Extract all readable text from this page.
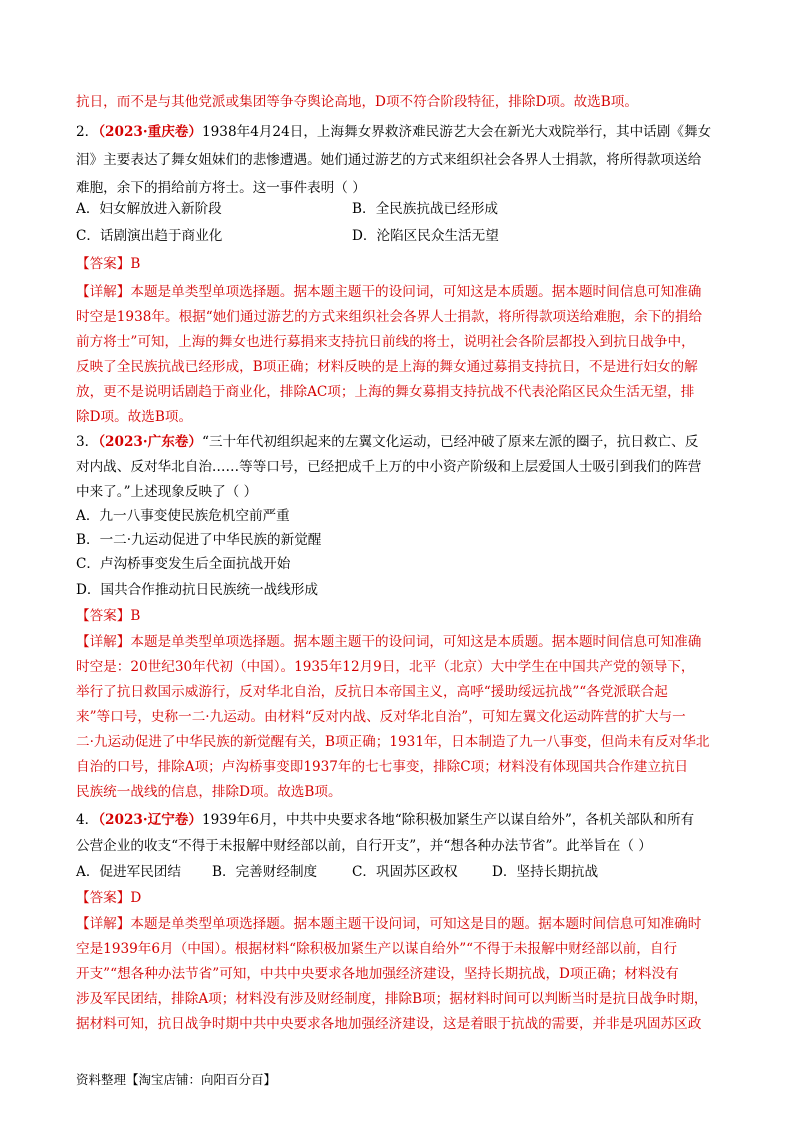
抗日，而不是与其他党派或集团等争夺舆论高地，D项不符合阶段特征，排除D项。故选B项。
2．（2023·重庆卷）1938年4月24日，上海舞女界救济难民游艺大会在新光大戏院举行，其中话剧《舞女
泪》主要表达了舞女姐妹们的悲惨遭遇。她们通过游艺的方式来组织社会各界人士捐款，将所得款项送给
难胞，余下的捐给前方将士。这一事件表明（ ）
A．妇女解放进入新阶段	B．全民族抗战已经形成
C．话剧演出趋于商业化	D．沦陷区民众生活无望
【答案】B
【详解】本题是单类型单项选择题。据本题主题干的设问词，可知这是本质题。据本题时间信息可知准确
时空是1938年。根据“她们通过游艺的方式来组织社会各界人士捐款，将所得款项送给难胞，余下的捐给
前方将士”可知，上海的舞女也进行募捐来支持抗日前线的将士，说明社会各阶层都投入到抗日战争中，
反映了全民族抗战已经形成，B项正确；材料反映的是上海的舞女通过募捐支持抗日，不是进行妇女的解
放，更不是说明话剧趋于商业化，排除AC项；上海的舞女募捐支持抗战不代表沦陷区民众生活无望，排
除D项。故选B项。
3．（2023·广东卷）“三十年代初组织起来的左翼文化运动，已经冲破了原来左派的圈子，抗日救亡、反
对内战、反对华北自治……等等口号，已经把成千上万的中小资产阶级和上层爱国人士吸引到我们的阵营
中来了。”上述现象反映了（ ）
A．九一八事变使民族危机空前严重
B．一二·九运动促进了中华民族的新觉醒
C．卢沟桥事变发生后全面抗战开始
D．国共合作推动抗日民族统一战线形成
【答案】B
【详解】本题是单类型单项选择题。据本题主题干的设问词，可知这是本质题。据本题时间信息可知准确
时空是：20世纪30年代初（中国）。1935年12月9日，北平（北京）大中学生在中国共产党的领导下，
举行了抗日救国示威游行，反对华北自治，反抗日本帝国主义，高呼“援助绥远抗战”“各党派联合起
来”等口号，史称一二·九运动。由材料“反对内战、反对华北自治”，可知左翼文化运动阵营的扩大与一
二·九运动促进了中华民族的新觉醒有关，B项正确；1931年，日本制造了九一八事变，但尚未有反对华北
自治的口号，排除A项；卢沟桥事变即1937年的七七事变，排除C项；材料没有体现国共合作建立抗日
民族统一战线的信息，排除D项。故选B项。
4．（2023·辽宁卷）1939年6月，中共中央要求各地“除积极加紧生产以谋自给外”，各机关部队和所有
公营企业的收支“不得于未报解中财经部以前，自行开支”，并“想各种办法节省”。此举旨在（ ）
A．促进军民团结 B．完善财经制度	C．巩固苏区政权	D．坚持长期抗战
【答案】D
【详解】本题是单类型单项选择题。据本题主题干设问词，可知这是目的题。据本题时间信息可知准确时
空是1939年6月（中国）。根据材料“除积极加紧生产以谋自给外”“不得于未报解中财经部以前，自行
开支”“想各种办法节省”可知，中共中央要求各地加强经济建设，坚持长期抗战，D项正确；材料没有
涉及军民团结，排除A项；材料没有涉及财经制度，排除B项；据材料时间可以判断当时是抗日战争时期，
据材料可知，抗日战争时期中共中央要求各地加强经济建设，这是着眼于抗战的需要，并非是巩固苏区政
资料整理【淘宝店铺：向阳百分百】
